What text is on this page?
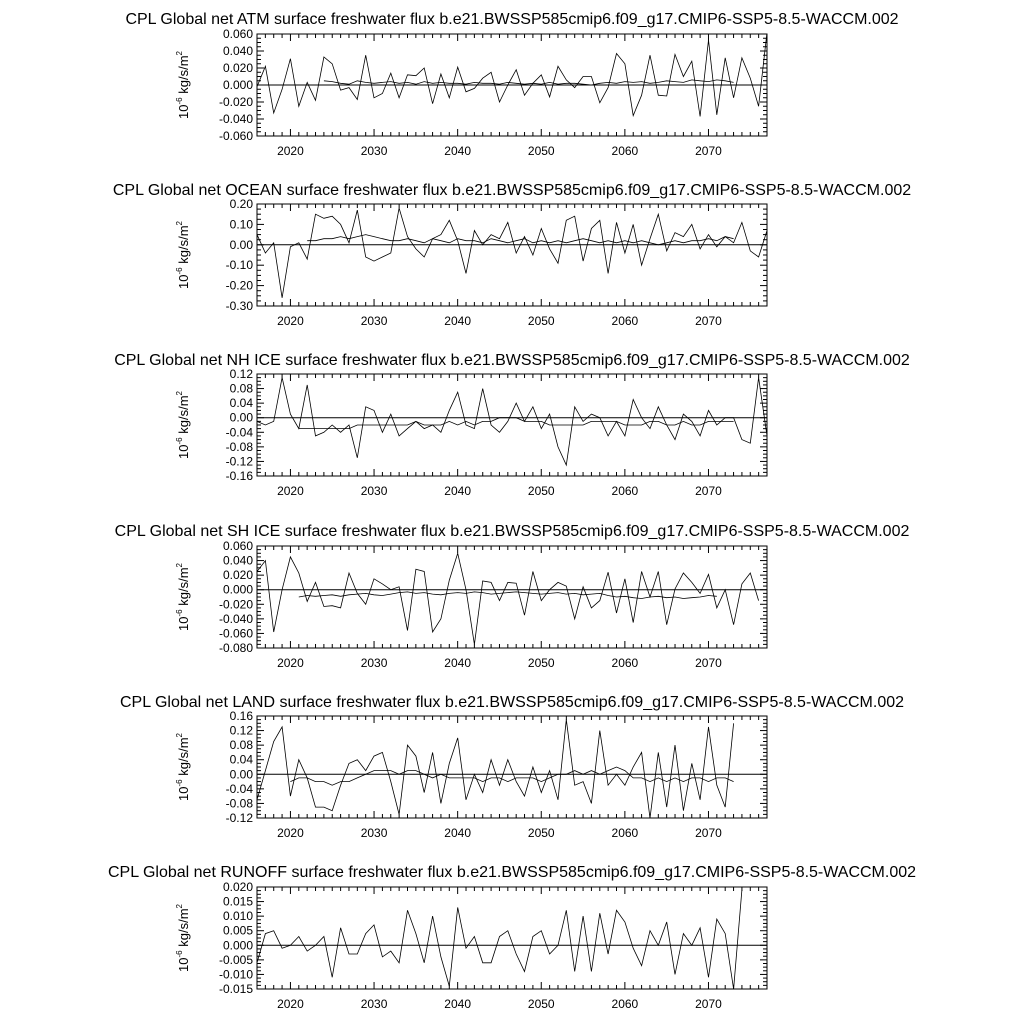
CPL Global net ATM surface freshwater flux b.e21.BWSSP585cmip6.f09_g17.CMIP6-SSP5-8.5-WACCM.002
2020	2030	2040	2050	2060	2070
-0.060
-0.040
-0.020
0.000
0.020
0.040
0.060
$10^{-6}$ $kg/s/m^2$
CPL Global net OCEAN surface freshwater flux b.e21.BWSSP585cmip6.f09_g17.CMIP6-SSP5-8.5-WACCM.002
2020	2030	2040	2050	2060	2070
-0.30
-0.20
-0.10
0.00
0.10
0.20
$10^{-6}$ $kg/s/m^2$
CPL Global net NH ICE surface freshwater flux b.e21.BWSSP585cmip6.f09_g17.CMIP6-SSP5-8.5-WACCM.002
2020	2030	2040	2050	2060	2070
-0.16
-0.12
-0.08
-0.04
0.00
0.04
0.08
0.12
$10^{-6}$ $kg/s/m^2$
CPL Global net SH ICE surface freshwater flux b.e21.BWSSP585cmip6.f09_g17.CMIP6-SSP5-8.5-WACCM.002
2020	2030	2040	2050	2060	2070
-0.080
-0.060
-0.040
-0.020
0.000
0.020
0.040
0.060
$10^{-6}$ $kg/s/m^2$
CPL Global net LAND surface freshwater flux b.e21.BWSSP585cmip6.f09_g17.CMIP6-SSP5-8.5-WACCM.002
2020	2030	2040	2050	2060	2070
-0.12
-0.08
-0.04
0.00
0.04
0.08
0.12
0.16
$10^{-6}$ $kg/s/m^2$
CPL Global net RUNOFF surface freshwater flux b.e21.BWSSP585cmip6.f09_g17.CMIP6-SSP5-8.5-WACCM.002
2020	2030	2040	2050	2060	2070
-0.015
-0.010
-0.005
0.000
0.005
0.010
0.015
0.020
$10^{-6}$ $kg/s/m^2$
